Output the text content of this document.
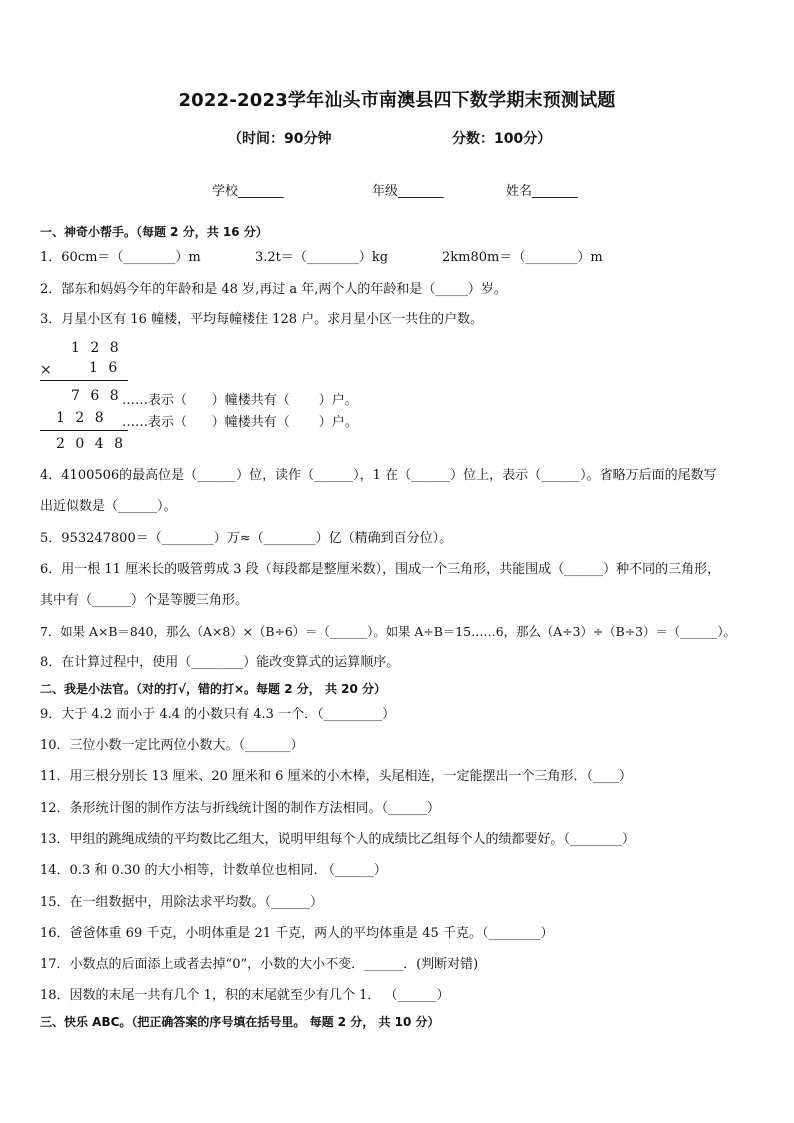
2022-2023学年汕头市南澳县四下数学期末预测试题
（时间：90分钟	分数：100分）
学校_______	年级_______	姓名_______
一、神奇小帮手。（每题 2 分，共 16 分）
1．60cm＝（________）m	3.2t＝（________）kg	2km80m＝（________）m
2．郜东和妈妈今年的年龄和是 48 岁,再过 a 年,两个人的年龄和是（_____）岁。
3．月星小区有 16 幢楼，平均每幢楼住 128 户。求月星小区一共住的户数。
1 2 8
× 1 6
7 6 8 ……表示（      ）幢楼共有（       ）户。
1 2 8 ……表示（      ）幢楼共有（       ）户。
2 0 4 8
4．4100506的最高位是（______）位，读作（______），1 在（______）位上，表示（______）。省略万后面的尾数写
出近似数是（______）。
5．953247800＝（________）万≈（________）亿（精确到百分位）。
6．用一根 11 厘米长的吸管剪成 3 段（每段都是整厘米数），围成一个三角形，共能围成（______）种不同的三角形，
其中有（______）个是等腰三角形。
7．如果 A×B＝840，那么（A×8）×（B÷6）＝（______）。如果 A÷B＝15……6，那么（A÷3）÷（B÷3）＝（______）。
8．在计算过程中，使用（________）能改变算式的运算顺序。
二、我是小法官。（对的打√，错的打×。每题 2 分， 共 20 分）
9．大于 4.2 而小于 4.4 的小数只有 4.3 一个．（_________）
10．三位小数一定比两位小数大。（_______）
11．用三根分别长 13 厘米、20 厘米和 6 厘米的小木棒，头尾相连，一定能摆出一个三角形．（____）
12．条形统计图的制作方法与折线统计图的制作方法相同。（______）
13．甲组的跳绳成绩的平均数比乙组大，说明甲组每个人的成绩比乙组每个人的绩都要好。（________）
14．0.3 和 0.30 的大小相等，计数单位也相同. （______）
15．在一组数据中，用除法求平均数。（______）
16．爸爸体重 69 千克，小明体重是 21 千克，两人的平均体重是 45 千克。（________）
17．小数点的后面添上或者去掉“0”，小数的大小不变．______．(判断对错)
18．因数的末尾一共有几个 1，积的末尾就至少有几个 1． （______）
三、快乐 ABC。（把正确答案的序号填在括号里。 每题 2 分， 共 10 分）
